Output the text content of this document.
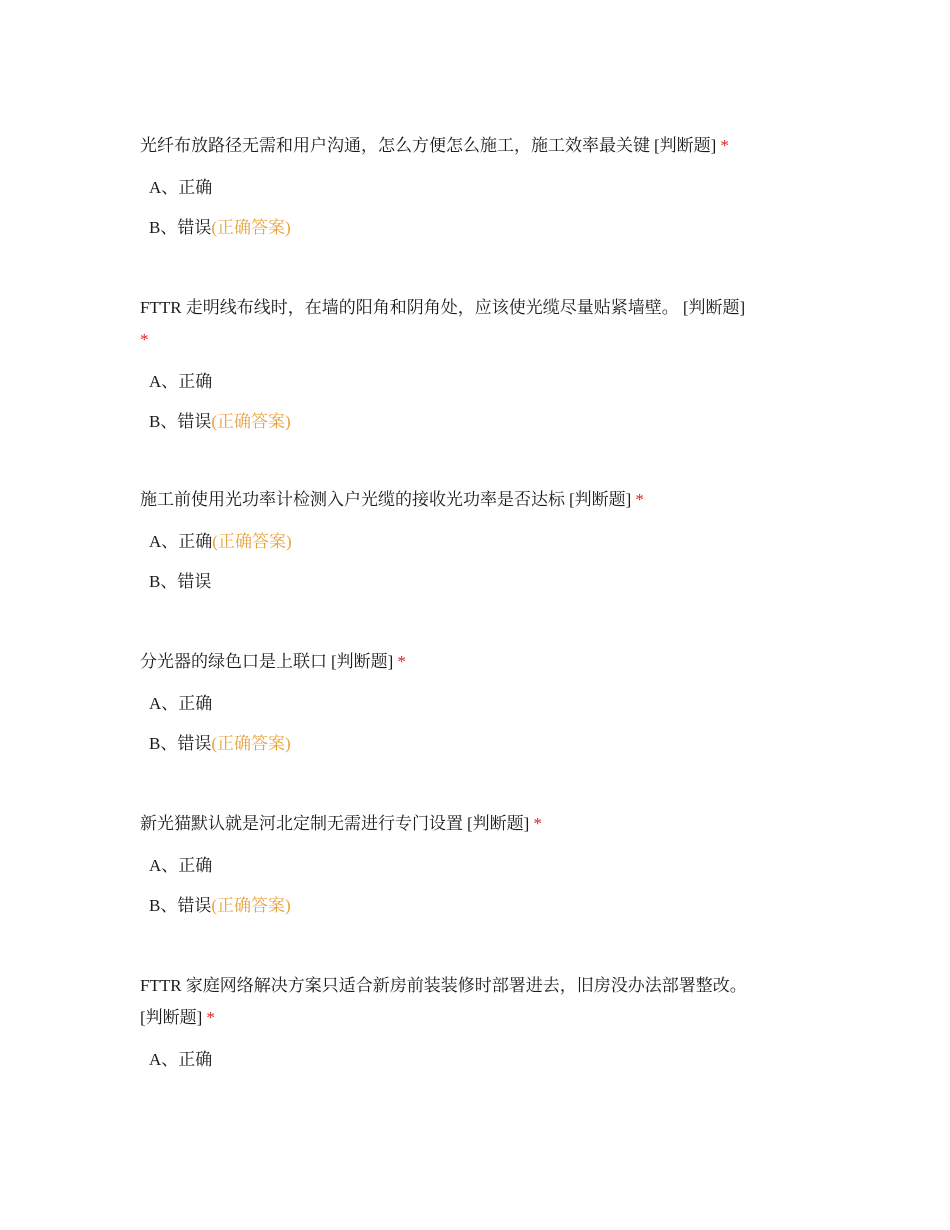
光纤布放路径无需和用户沟通，怎么方便怎么施工，施工效率最关键 [判断题] *

A、正确
B、错误(正确答案)

FTTR 走明线布线时，在墙的阳角和阴角处，应该使光缆尽量贴紧墙壁。 [判断题]
*

A、正确
B、错误(正确答案)

施工前使用光功率计检测入户光缆的接收光功率是否达标 [判断题] *

A、正确(正确答案)
B、错误

分光器的绿色口是上联口 [判断题] *

A、正确
B、错误(正确答案)

新光猫默认就是河北定制无需进行专门设置 [判断题] *

A、正确
B、错误(正确答案)

FTTR 家庭网络解决方案只适合新房前装装修时部署进去，旧房没办法部署整改。
[判断题] *

A、正确
